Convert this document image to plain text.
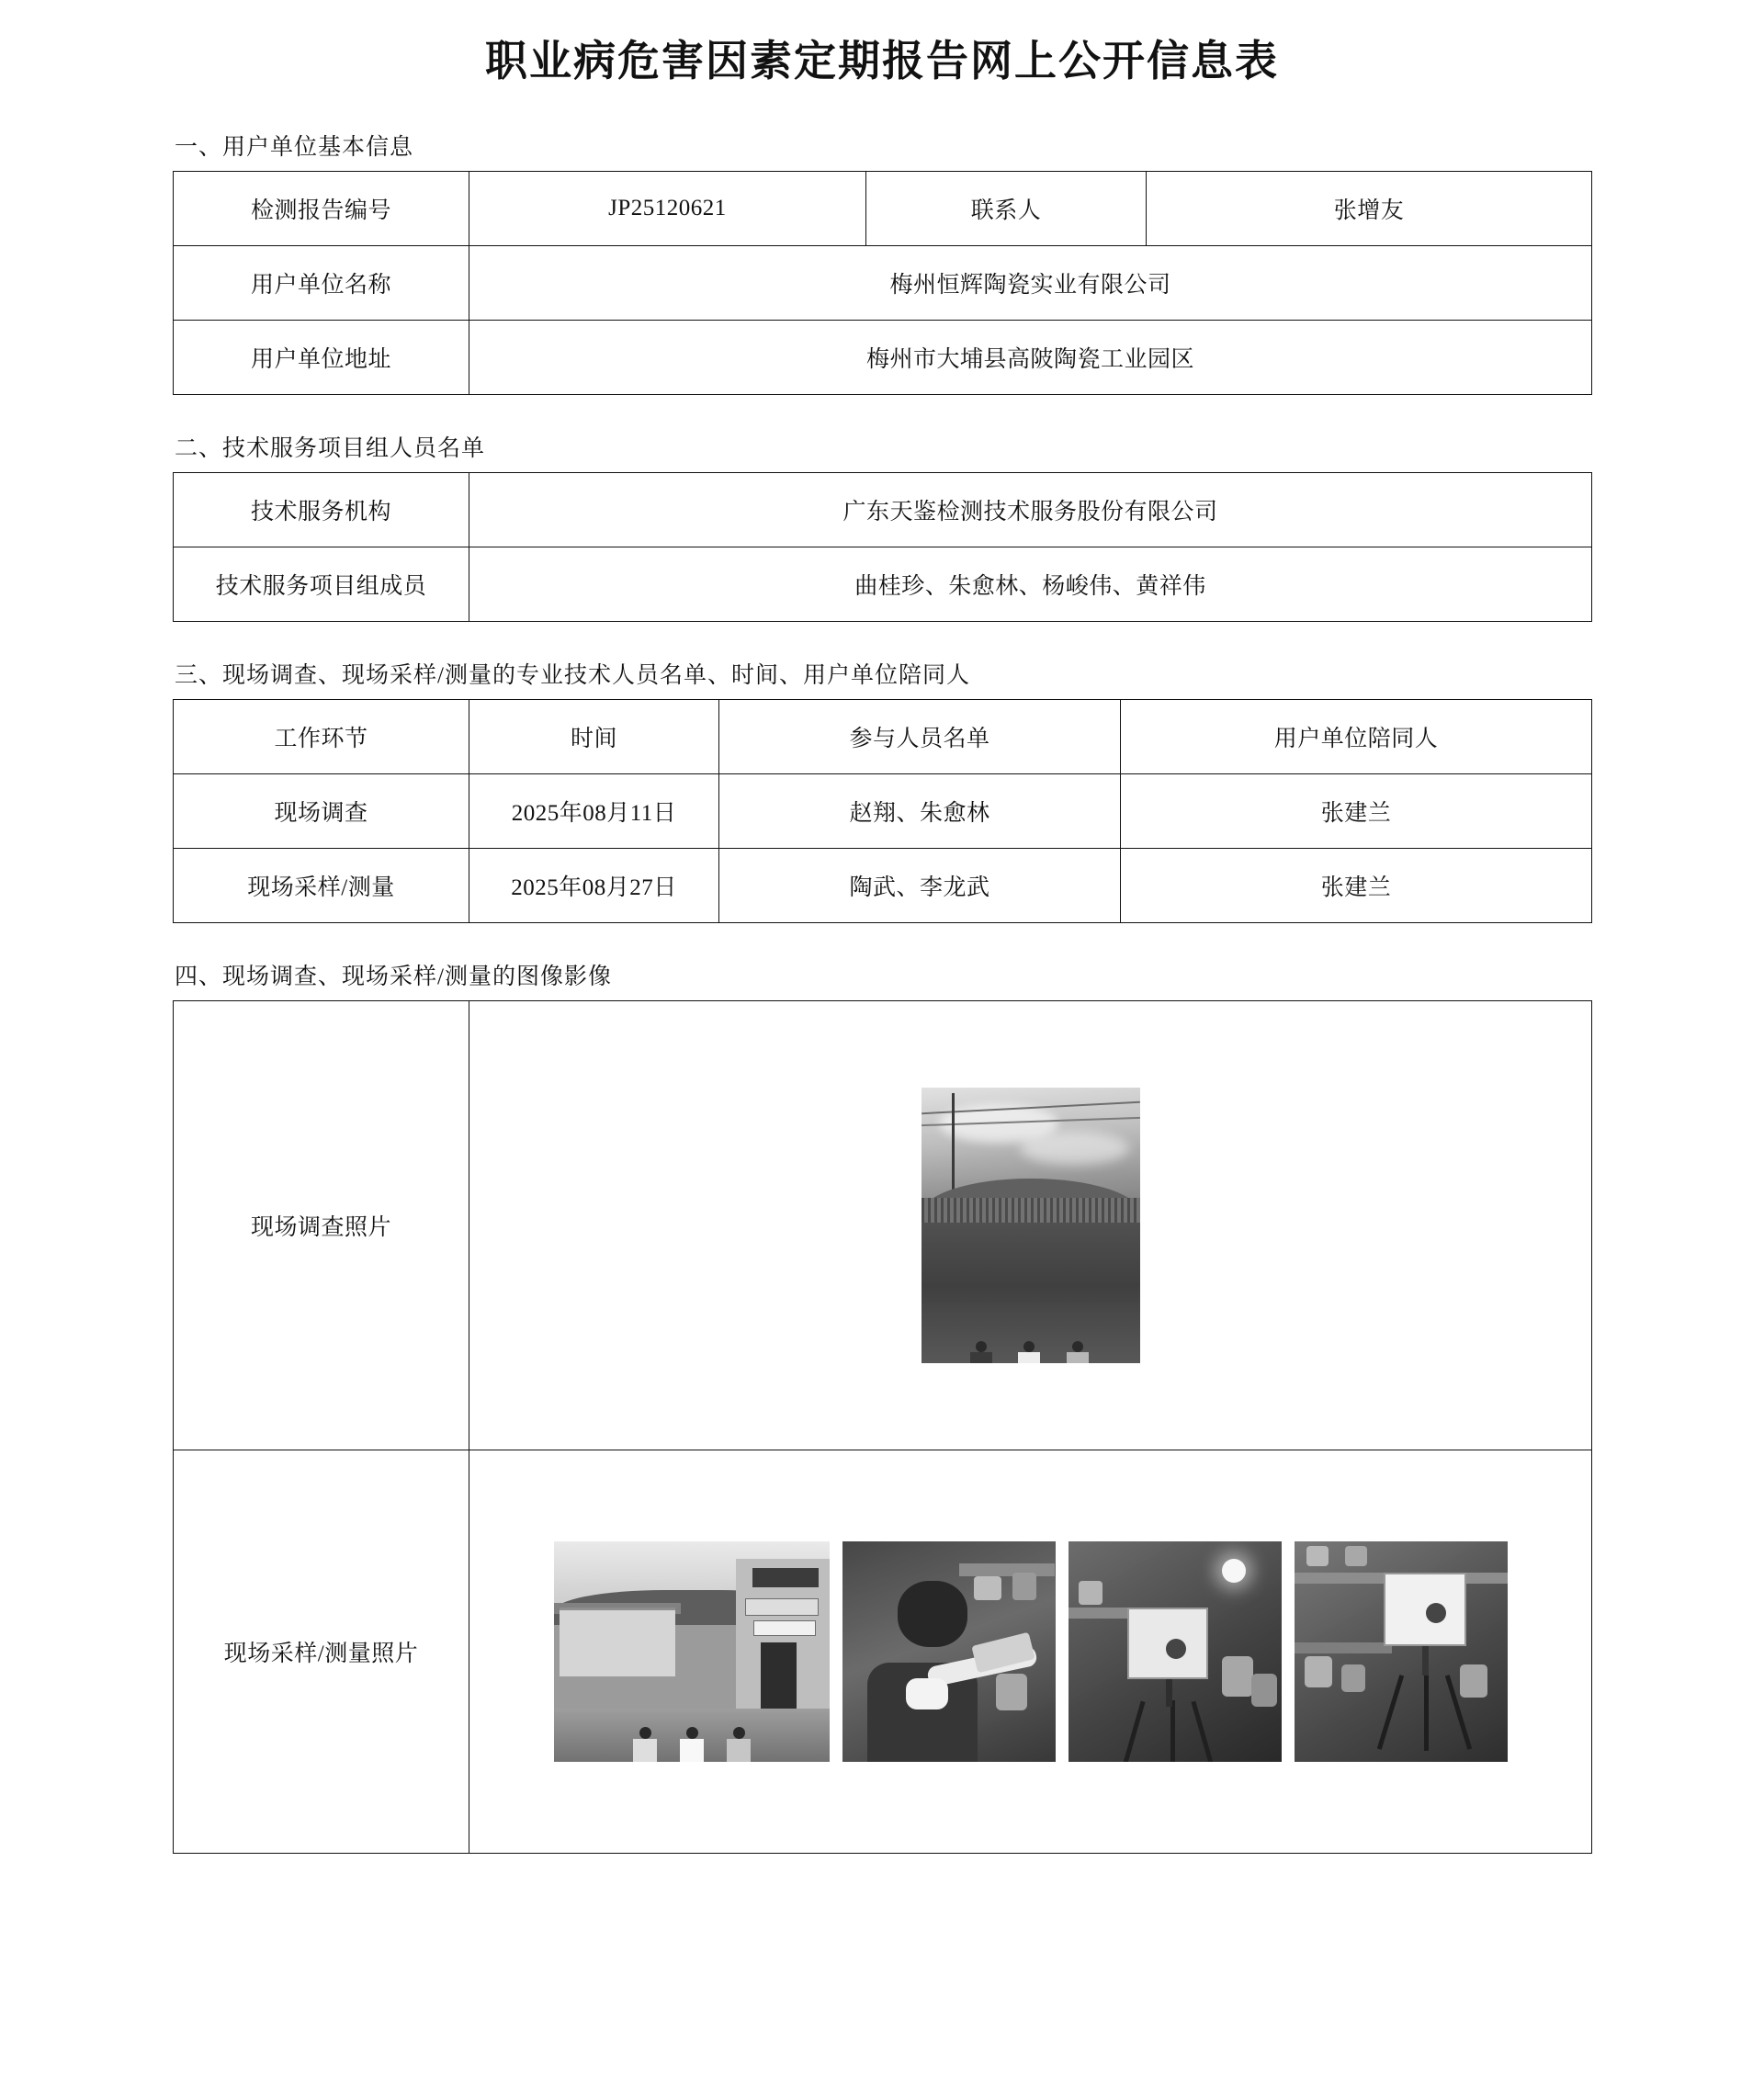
职业病危害因素定期报告网上公开信息表
一、用户单位基本信息
检测报告编号	JP25120621	联系人	张增友
用户单位名称	梅州恒辉陶瓷实业有限公司		
用户单位地址	梅州市大埔县高陂陶瓷工业园区		
二、技术服务项目组人员名单
技术服务机构	广东天鉴检测技术服务股份有限公司
技术服务项目组成员	曲桂珍、朱愈林、杨峻伟、黄祥伟
三、现场调查、现场采样/测量的专业技术人员名单、时间、用户单位陪同人
工作环节	时间	参与人员名单	用户单位陪同人
现场调查	2025年08月11日	赵翔、朱愈林	张建兰
现场采样/测量	2025年08月27日	陶武、李龙武	张建兰
四、现场调查、现场采样/测量的图像影像
现场调查照片	

现场采样/测量照片	
